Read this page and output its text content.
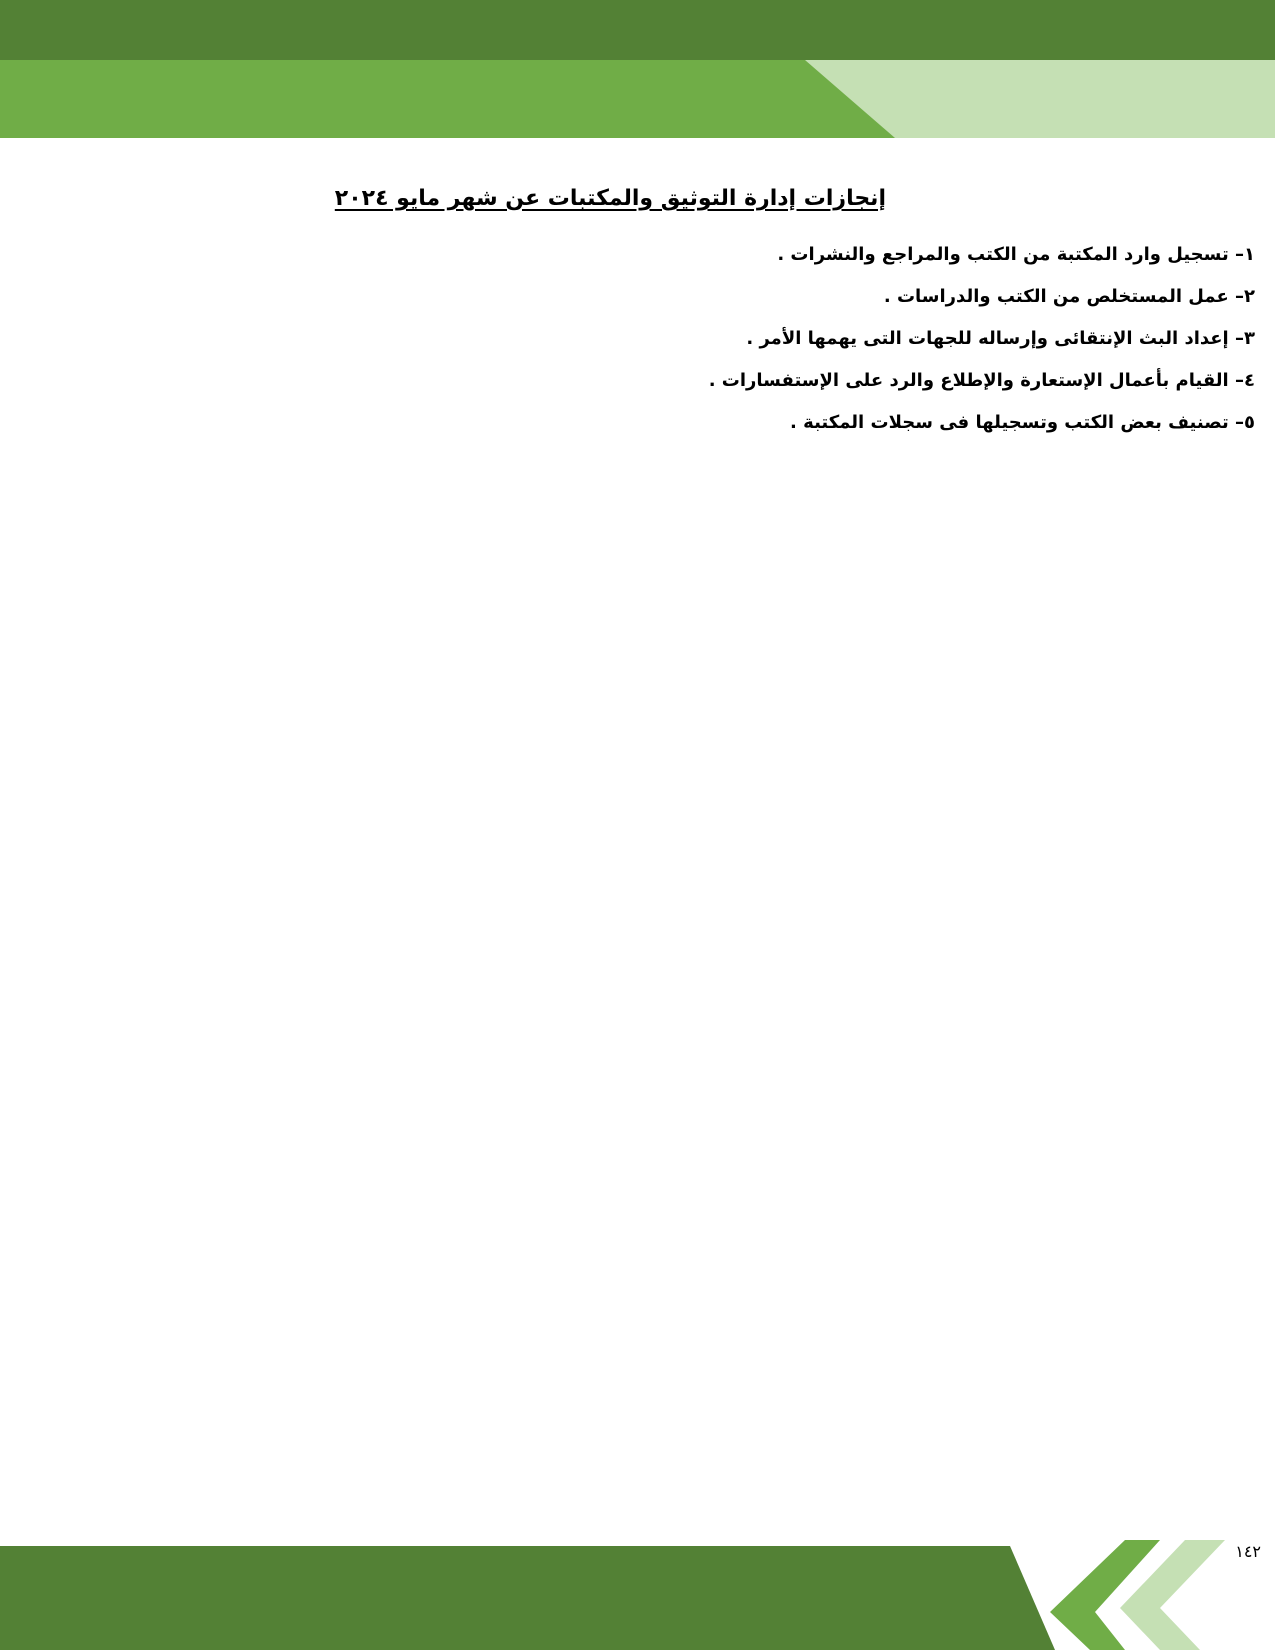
إنجازات إدارة التوثيق والمكتبات عن شهر مايو ٢٠٢٤
١– تسجيل وارد المكتبة من الكتب والمراجع والنشرات .
٢– عمل المستخلص من الكتب والدراسات .
٣– إعداد البث الإنتقائى وإرساله للجهات التى يهمها الأمر .
٤– القيام بأعمال الإستعارة والإطلاع والرد على الإستفسارات .
٥– تصنيف بعض الكتب وتسجيلها فى سجلات المكتبة .
١٤٢
